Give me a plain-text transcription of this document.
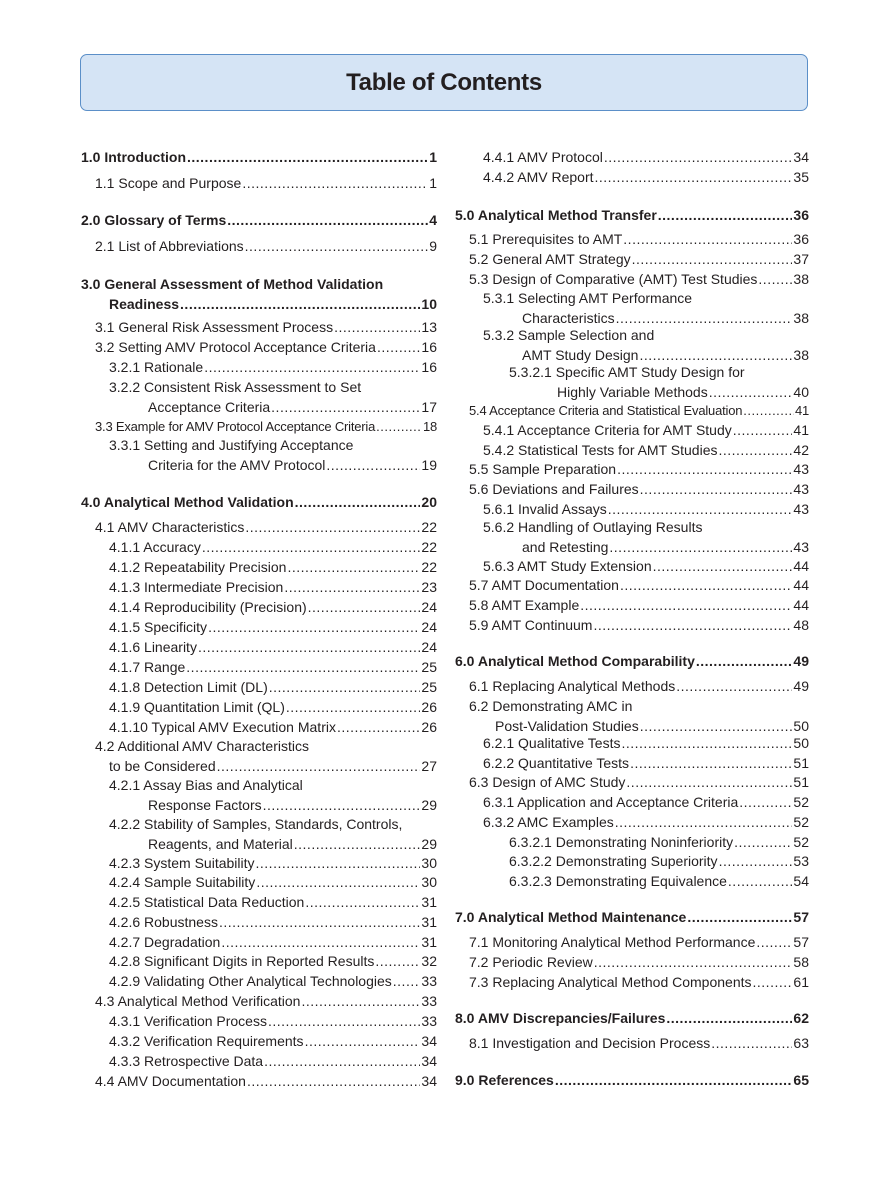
Table of Contents
1.0 Introduction .....	1
1.1 Scope and Purpose .....	1
2.0 Glossary of Terms .....	4
2.1 List of Abbreviations .....	9
3.0 General Assessment of Method Validation
Readiness .....	10
3.1 General Risk Assessment Process .....	13
3.2 Setting AMV Protocol Acceptance Criteria .....	16
3.2.1 Rationale .....	16
3.2.2 Consistent Risk Assessment to Set
Acceptance Criteria .....	17
3.3 Example for AMV Protocol Acceptance Criteria .....	18
3.3.1 Setting and Justifying Acceptance
Criteria for the AMV Protocol .....	19
4.0 Analytical Method Validation .....	20
4.1 AMV Characteristics .....	22
4.1.1 Accuracy .....	22
4.1.2 Repeatability Precision .....	22
4.1.3 Intermediate Precision .....	23
4.1.4 Reproducibility (Precision) .....	24
4.1.5 Specificity .....	24
4.1.6 Linearity .....	24
4.1.7 Range .....	25
4.1.8 Detection Limit (DL) .....	25
4.1.9 Quantitation Limit (QL) .....	26
4.1.10 Typical AMV Execution Matrix .....	26
4.2 Additional AMV Characteristics
to be Considered .....	27
4.2.1 Assay Bias and Analytical
Response Factors .....	29
4.2.2 Stability of Samples, Standards, Controls,
Reagents, and Material .....	29
4.2.3 System Suitability .....	30
4.2.4 Sample Suitability .....	30
4.2.5 Statistical Data Reduction .....	31
4.2.6 Robustness .....	31
4.2.7 Degradation .....	31
4.2.8 Significant Digits in Reported Results .....	32
4.2.9 Validating Other Analytical Technologies ..... 33
4.3 Analytical Method Verification .....	33
4.3.1 Verification Process .....	33
4.3.2 Verification Requirements .....	34
4.3.3 Retrospective Data .....	34
4.4 AMV Documentation .....	34
4.4.1 AMV Protocol .....	34
4.4.2 AMV Report .....	35
5.0 Analytical Method Transfer .....	36
5.1 Prerequisites to AMT .....	36
5.2 General AMT Strategy .....	37
5.3 Design of Comparative (AMT) Test Studies .....	38
5.3.1 Selecting AMT Performance
Characteristics .....	38
5.3.2 Sample Selection and
AMT Study Design .....	38
5.3.2.1 Specific AMT Study Design for
Highly Variable Methods .....	40
5.4 Acceptance Criteria and Statistical Evaluation .....	41
5.4.1 Acceptance Criteria for AMT Study .....	41
5.4.2 Statistical Tests for AMT Studies .....	42
5.5 Sample Preparation .....	43
5.6 Deviations and Failures .....	43
5.6.1 Invalid Assays .....	43
5.6.2 Handling of Outlaying Results
and Retesting .....	43
5.6.3 AMT Study Extension .....	44
5.7 AMT Documentation .....	44
5.8 AMT Example .....	44
5.9 AMT Continuum .....	48
6.0 Analytical Method Comparability .....	49
6.1 Replacing Analytical Methods .....	49
6.2 Demonstrating AMC in
Post-Validation Studies .....	50
6.2.1 Qualitative Tests .....	50
6.2.2 Quantitative Tests .....	51
6.3 Design of AMC Study .....	51
6.3.1 Application and Acceptance Criteria .....	52
6.3.2 AMC Examples .....	52
6.3.2.1 Demonstrating Noninferiority .....	52
6.3.2.2 Demonstrating Superiority .....	53
6.3.2.3 Demonstrating Equivalence .....	54
7.0 Analytical Method Maintenance .....	57
7.1 Monitoring Analytical Method Performance .....	57
7.2 Periodic Review .....	58
7.3 Replacing Analytical Method Components .....	61
8.0 AMV Discrepancies/Failures .....	62
8.1 Investigation and Decision Process .....	63
9.0 References .....	65
